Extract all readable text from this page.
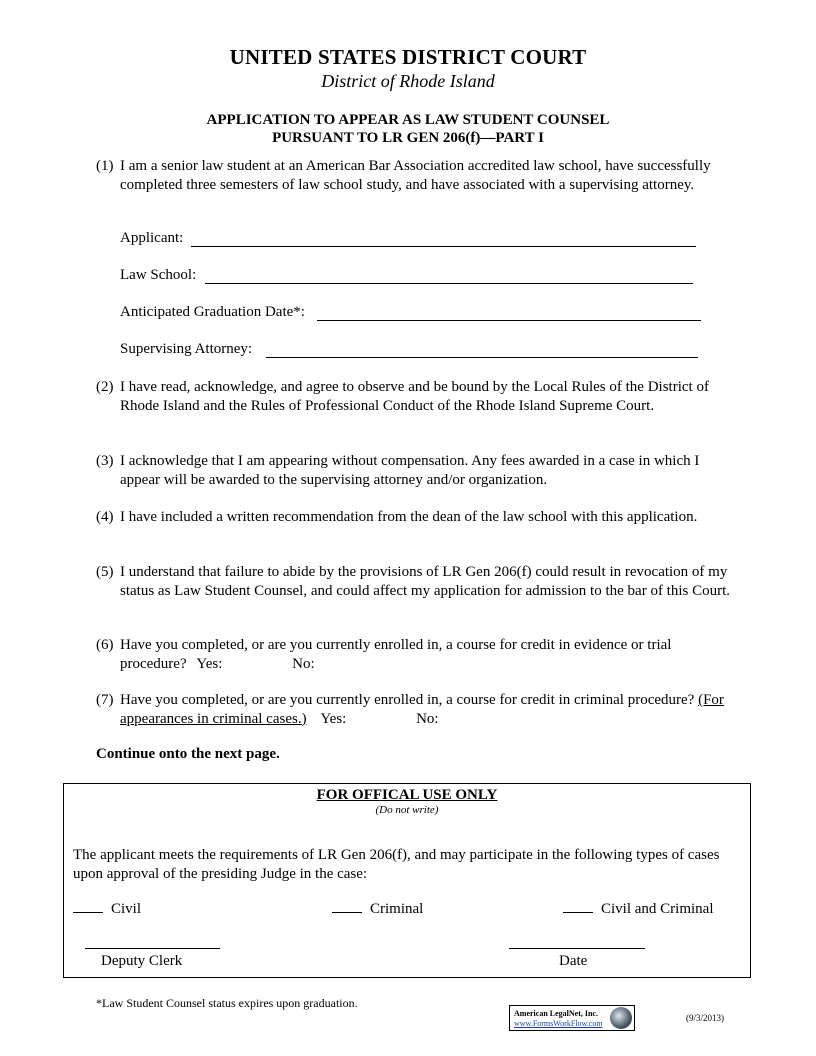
UNITED STATES DISTRICT COURT
District of Rhode Island
APPLICATION TO APPEAR AS LAW STUDENT COUNSEL
PURSUANT TO LR GEN 206(f)—PART I
(1) I am a senior law student at an American Bar Association accredited law school, have successfully completed three semesters of law school study, and have associated with a supervising attorney.
Applicant:
Law School:
Anticipated Graduation Date*:
Supervising Attorney:
(2) I have read, acknowledge, and agree to observe and be bound by the Local Rules of the District of Rhode Island and the Rules of Professional Conduct of the Rhode Island Supreme Court.
(3) I acknowledge that I am appearing without compensation. Any fees awarded in a case in which I appear will be awarded to the supervising attorney and/or organization.
(4) I have included a written recommendation from the dean of the law school with this application.
(5) I understand that failure to abide by the provisions of LR Gen 206(f) could result in revocation of my status as Law Student Counsel, and could affect my application for admission to the bar of this Court.
(6) Have you completed, or are you currently enrolled in, a course for credit in evidence or trial procedure? Yes:	No:
(7) Have you completed, or are you currently enrolled in, a course for credit in criminal procedure? (For appearances in criminal cases.) Yes:	No:
Continue onto the next page.
FOR OFFICAL USE ONLY
(Do not write)
The applicant meets the requirements of LR Gen 206(f), and may participate in the following types of cases upon approval of the presiding Judge in the case:
Civil	Criminal	Civil and Criminal
Deputy Clerk	Date
*Law Student Counsel status expires upon graduation.
American LegalNet, Inc.
www.FormsWorkFlow.com
(9/3/2013)
